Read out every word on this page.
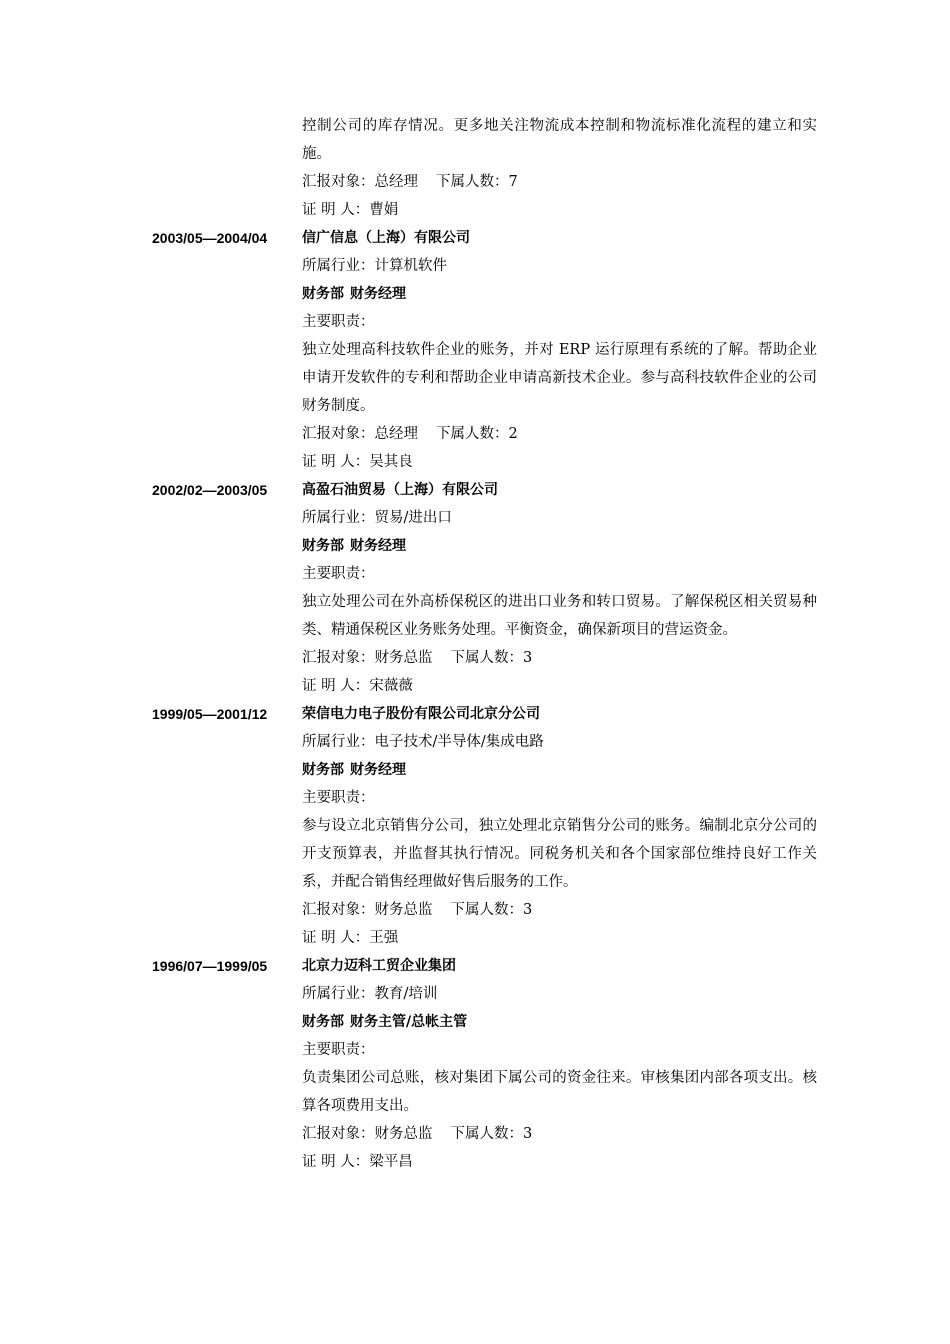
控制公司的库存情况。更多地关注物流成本控制和物流标准化流程的建立和实施。
汇报对象：总经理 下属人数：7
证 明 人：曹娟
2003/05—2004/04 信广信息（上海）有限公司
所属行业：计算机软件
财务部 财务经理
主要职责：
独立处理高科技软件企业的账务，并对 ERP 运行原理有系统的了解。帮助企业申请开发软件的专利和帮助企业申请高新技术企业。参与高科技软件企业的公司财务制度。
汇报对象：总经理 下属人数：2
证 明 人：吴其良
2002/02—2003/05 高盈石油贸易（上海）有限公司
所属行业：贸易/进出口
财务部 财务经理
主要职责：
独立处理公司在外高桥保税区的进出口业务和转口贸易。了解保税区相关贸易种类、精通保税区业务账务处理。平衡资金，确保新项目的营运资金。
汇报对象：财务总监 下属人数：3
证 明 人：宋薇薇
1999/05—2001/12 荣信电力电子股份有限公司北京分公司
所属行业：电子技术/半导体/集成电路
财务部 财务经理
主要职责：
参与设立北京销售分公司，独立处理北京销售分公司的账务。编制北京分公司的开支预算表，并监督其执行情况。同税务机关和各个国家部位维持良好工作关系，并配合销售经理做好售后服务的工作。
汇报对象：财务总监 下属人数：3
证 明 人：王强
1996/07—1999/05 北京力迈科工贸企业集团
所属行业：教育/培训
财务部 财务主管/总帐主管
主要职责：
负责集团公司总账，核对集团下属公司的资金往来。审核集团内部各项支出。核算各项费用支出。
汇报对象：财务总监 下属人数：3
证 明 人：梁平昌
